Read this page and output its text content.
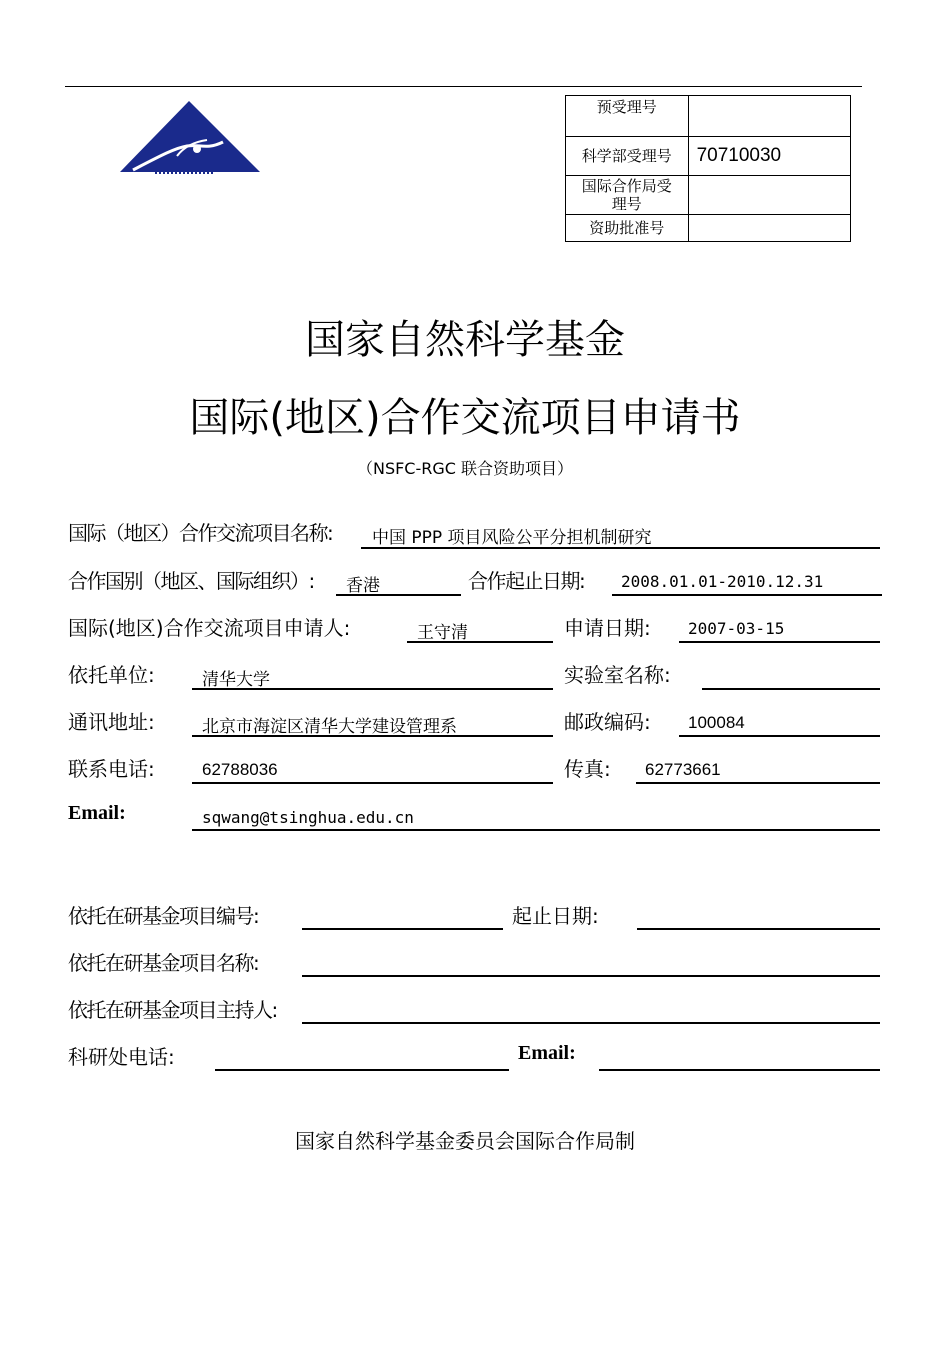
预受理号	
科学部受理号	70710030
国际合作局受理号	
资助批准号	
国家自然科学基金
国际(地区)合作交流项目申请书
（NSFC-RGC 联合资助项目）
国际（地区）合作交流项目名称: 中国 PPP 项目风险公平分担机制研究
合作国别（地区、国际组织）: 香港	合作起止日期: 2008.01.01-2010.12.31
国际(地区)合作交流项目申请人:	王守清	申请日期: 2007-03-15
依托单位:	清华大学	实验室名称:
通讯地址:	北京市海淀区清华大学建设管理系	邮政编码: 100084
联系电话:	62788036	传真: 62773661
Email:	sqwang@tsinghua.edu.cn
依托在研基金项目编号:	起止日期:
依托在研基金项目名称:
依托在研基金项目主持人:
科研处电话:	Email:
国家自然科学基金委员会国际合作局制
